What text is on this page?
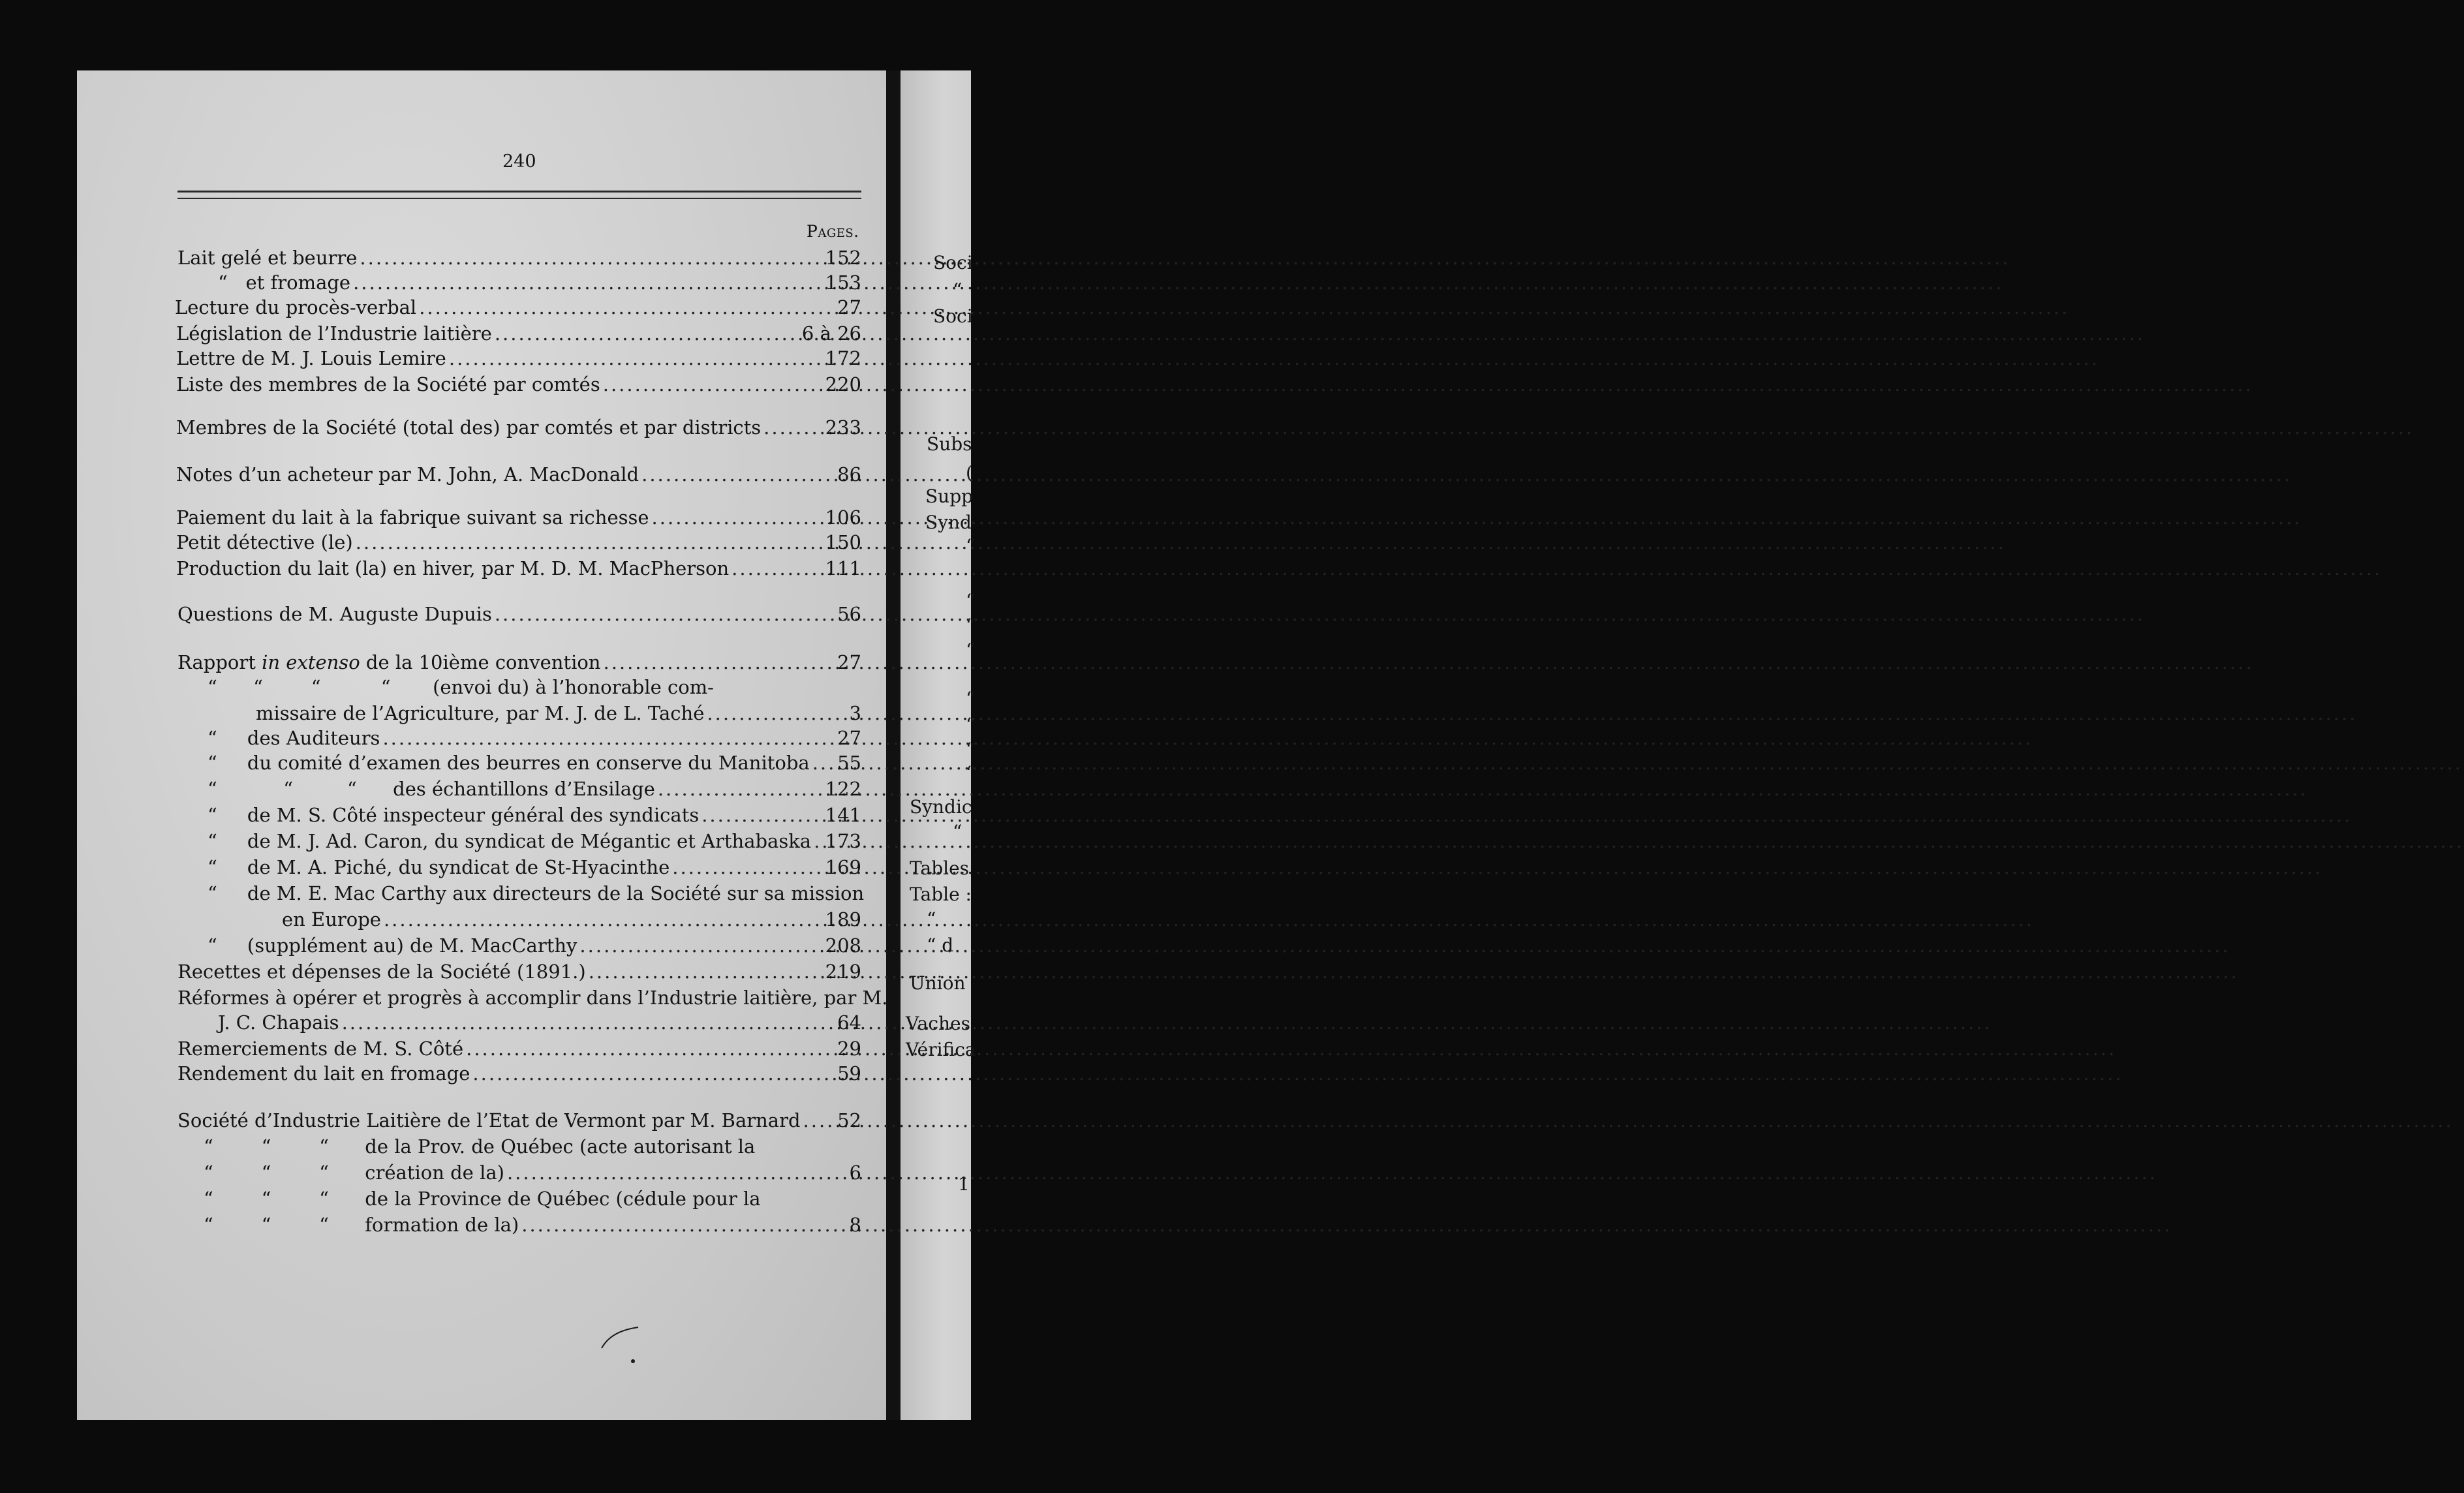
Soci
“
Soci
Subs
(
Supp
Synd
“
“
“
“
“
“
“
“
Syndic
“
Tables
Table :
“
“ d
Union
Vaches
Vérifica
1
240
Pages.
Lait gelé et beurre .....	152
“   et fromage .....	153
Lecture du procès-verbal .....	27
Législation de l’Industrie laitière .....	6 à 26
Lettre de M. J. Louis Lemire .....	172
Liste des membres de la Société par comtés .....	220
Membres de la Société (total des) par comtés et par districts .....	233
Notes d’un acheteur par M. John, A. MacDonald .....	86
Paiement du lait à la fabrique suivant sa richesse .....	106
Petit détective (le) .....	150
Production du lait (la) en hiver, par M. D. M. MacPherson .....	111
Questions de M. Auguste Dupuis .....	56
Rapport in extenso de la 10ième convention .....	27
“      “        “          “       (envoi du) à l’honorable com-
missaire de l’Agriculture, par M. J. de L. Taché .....	3
“     des Auditeurs .....	27
“     du comité d’examen des beurres en conserve du Manitoba ..... 55
“           “         “      des échantillons d’Ensilage .....	122
“     de M. S. Côté inspecteur général des syndicats .....	141
“     de M. J. Ad. Caron, du syndicat de Mégantic et Arthabaska ..... 173
“     de M. A. Piché, du syndicat de St-Hyacinthe .....	169
“     de M. E. Mac Carthy aux directeurs de la Société sur sa mission
en Europe .....	189
“     (supplément au) de M. MacCarthy .....	208
Recettes et dépenses de la Société (1891.) .....	219
Réformes à opérer et progrès à accomplir dans l’Industrie laitière, par M.
J. C. Chapais .....	64
Remerciements de M. S. Côté .....	29
Rendement du lait en fromage .....	59
Société d’Industrie Laitière de l’Etat de Vermont par M. Barnard ..... 52
“        “        “      de la Prov. de Québec (acte autorisant la
“        “        “      création de la) .....	6
“        “        “      de la Province de Québec (cédule pour la
“        “        “      formation de la) .....	8
